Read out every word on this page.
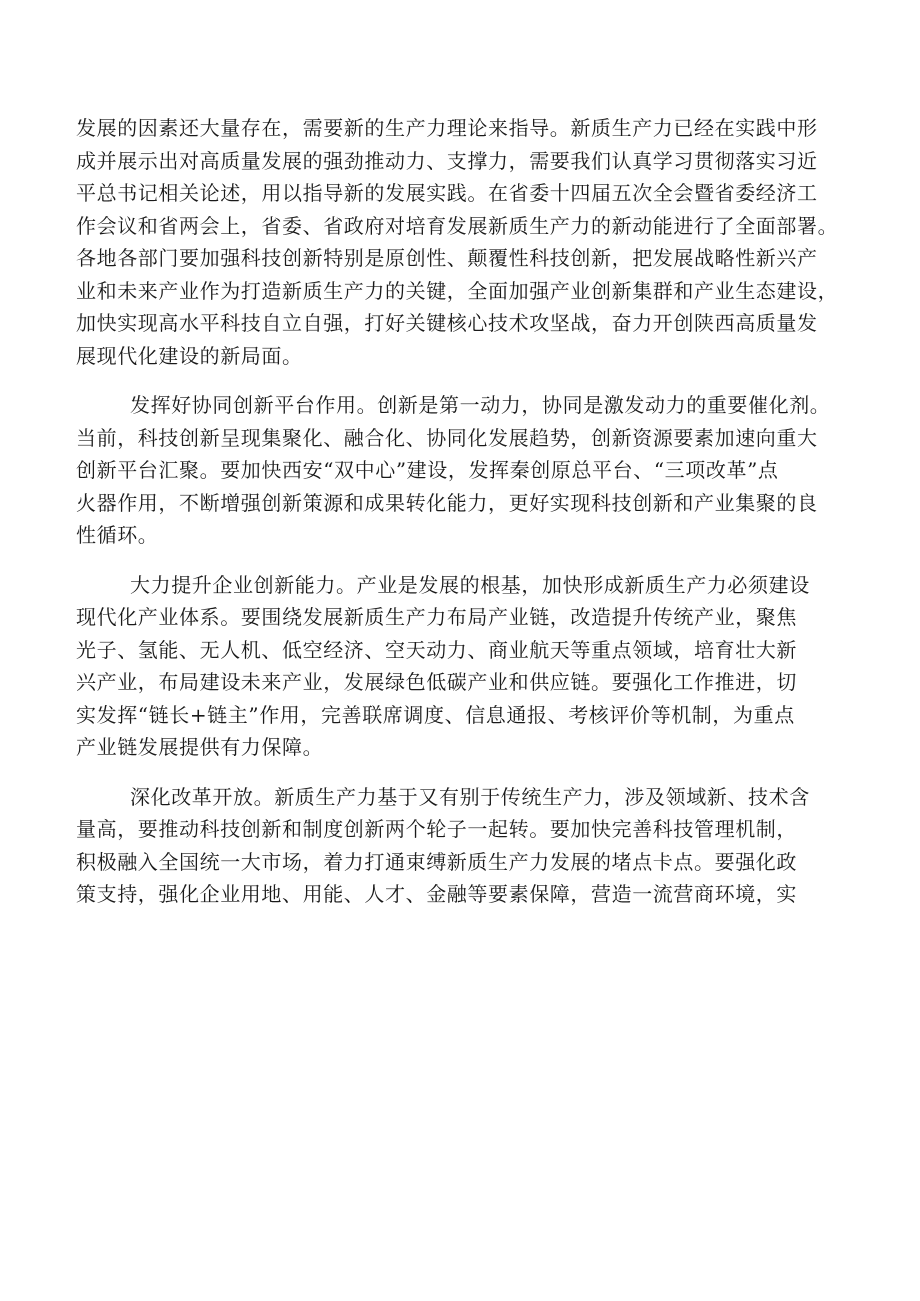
发展的因素还大量存在，需要新的生产力理论来指导。新质生产力已经在实践中形
成并展示出对高质量发展的强劲推动力、支撑力，需要我们认真学习贯彻落实习近
平总书记相关论述，用以指导新的发展实践。在省委十四届五次全会暨省委经济工
作会议和省两会上，省委、省政府对培育发展新质生产力的新动能进行了全面部署。
各地各部门要加强科技创新特别是原创性、颠覆性科技创新，把发展战略性新兴产
业和未来产业作为打造新质生产力的关键，全面加强产业创新集群和产业生态建设，
加快实现高水平科技自立自强，打好关键核心技术攻坚战，奋力开创陕西高质量发
展现代化建设的新局面。
发挥好协同创新平台作用。创新是第一动力，协同是激发动力的重要催化剂。
当前，科技创新呈现集聚化、融合化、协同化发展趋势，创新资源要素加速向重大
创新平台汇聚。要加快西安“双中心”建设，发挥秦创原总平台、“三项改革”点
火器作用，不断增强创新策源和成果转化能力，更好实现科技创新和产业集聚的良
性循环。
大力提升企业创新能力。产业是发展的根基，加快形成新质生产力必须建设
现代化产业体系。要围绕发展新质生产力布局产业链，改造提升传统产业，聚焦
光子、氢能、无人机、低空经济、空天动力、商业航天等重点领域，培育壮大新
兴产业，布局建设未来产业，发展绿色低碳产业和供应链。要强化工作推进，切
实发挥“链长+链主”作用，完善联席调度、信息通报、考核评价等机制，为重点
产业链发展提供有力保障。
深化改革开放。新质生产力基于又有别于传统生产力，涉及领域新、技术含
量高，要推动科技创新和制度创新两个轮子一起转。要加快完善科技管理机制，
积极融入全国统一大市场，着力打通束缚新质生产力发展的堵点卡点。要强化政
策支持，强化企业用地、用能、人才、金融等要素保障，营造一流营商环境，实
